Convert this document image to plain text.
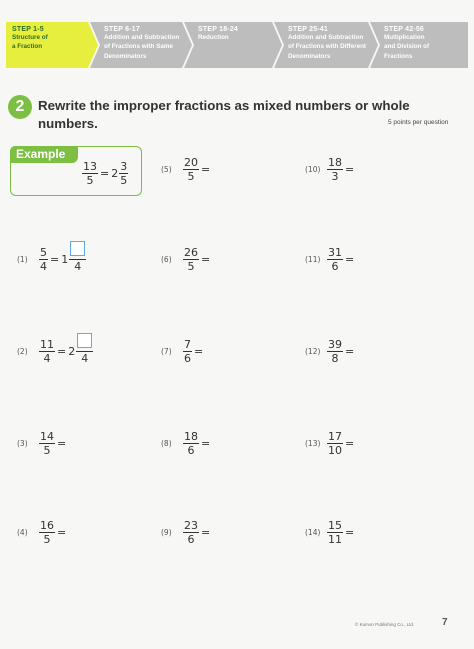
STEP 1-5
Structure of
a Fraction
STEP 6-17
Addition and Subtraction
of Fractions with Same
Denominators
STEP 18-24
Reduction
STEP 25-41
Addition and Subtraction
of Fractions with Different
Denominators
STEP 42-56
Multiplication
and Division of
Fractions
2	Rewrite the improper fractions as mixed numbers or whole numbers.	5 points per question
Example
$\frac{13}{5} = 2 \frac{3}{5}$
(1)	$\frac{5}{4} = 1$
4
(2)	$\frac{11}{4} = 2$
4
(3)	$\frac{14}{5}$ =
(4)	$\frac{16}{5}$ =
(5)	$\frac{20}{5}$ =
(6)	$\frac{26}{5}$ =
(7)	$\frac{7}{6}$ =
(8)	$\frac{18}{6}$ =
(9)	$\frac{23}{6}$ =
$(10) \frac{18}{3}$ =
$(11) \frac{31}{6}$ =
$(12) \frac{39}{8}$ =
$(13) \frac{17}{10}$ =
$(14) \frac{15}{11}$ =
© Kumon Publishing Co., Ltd.	7
